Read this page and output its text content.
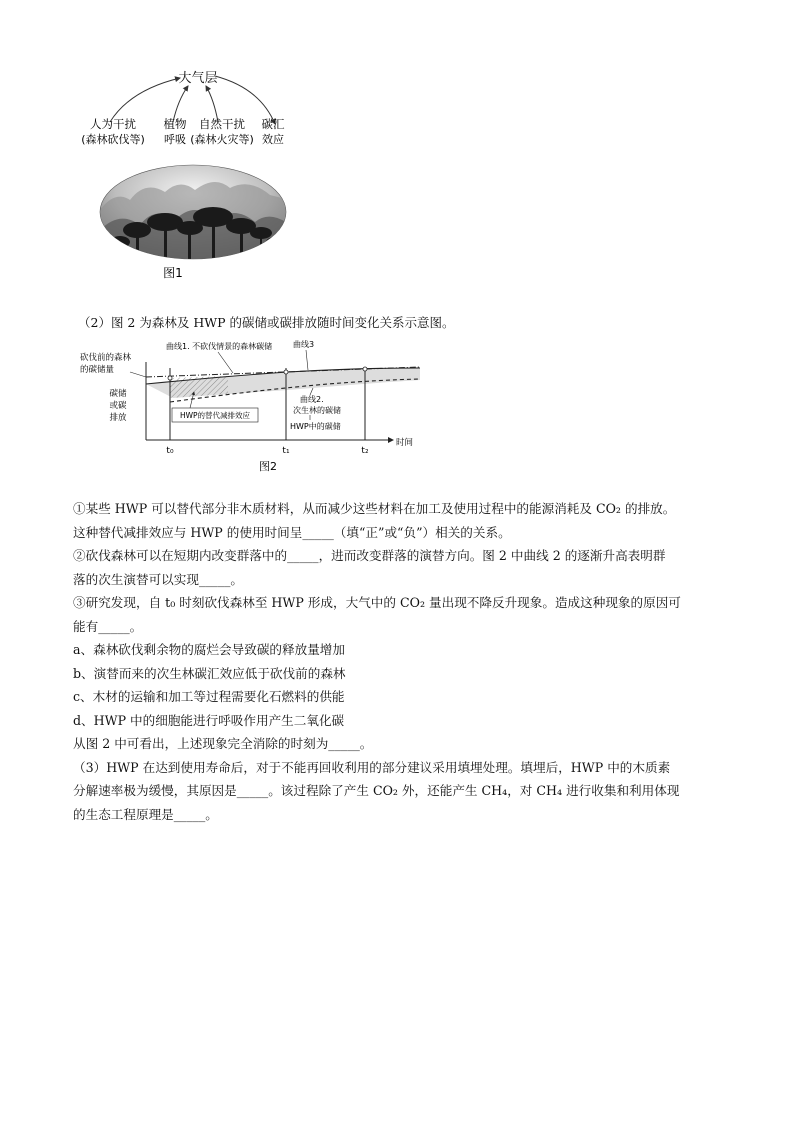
大气层
人为干扰
(森林砍伐等)
植物
呼吸
自然干扰
(森林火灾等)
碳汇
效应
图1
（2）图 2 为森林及 HWP 的碳储或碳排放随时间变化关系示意图。
砍伐前的森林
的碳储量
碳储
或碳
排放
曲线1. 不砍伐情景的森林碳储	曲线3
HWP的替代减排效应
曲线2.
次生林的碳储
HWP中的碳储
t₀	t₁	t₂
时间
图2
①某些 HWP 可以替代部分非木质材料，从而减少这些材料在加工及使用过程中的能源消耗及 CO₂ 的排放。
这种替代减排效应与 HWP 的使用时间呈_____（填“正”或“负”）相关的关系。
②砍伐森林可以在短期内改变群落中的_____，进而改变群落的演替方向。图 2 中曲线 2 的逐渐升高表明群
落的次生演替可以实现_____。
③研究发现，自 t₀ 时刻砍伐森林至 HWP 形成，大气中的 CO₂ 量出现不降反升现象。造成这种现象的原因可
能有_____。
a、森林砍伐剩余物的腐烂会导致碳的释放量增加
b、演替而来的次生林碳汇效应低于砍伐前的森林
c、木材的运输和加工等过程需要化石燃料的供能
d、HWP 中的细胞能进行呼吸作用产生二氧化碳
从图 2 中可看出，上述现象完全消除的时刻为_____。
（3）HWP 在达到使用寿命后，对于不能再回收利用的部分建议采用填埋处理。填埋后，HWP 中的木质素
分解速率极为缓慢，其原因是_____。该过程除了产生 CO₂ 外，还能产生 CH₄，对 CH₄ 进行收集和利用体现
的生态工程原理是_____。
